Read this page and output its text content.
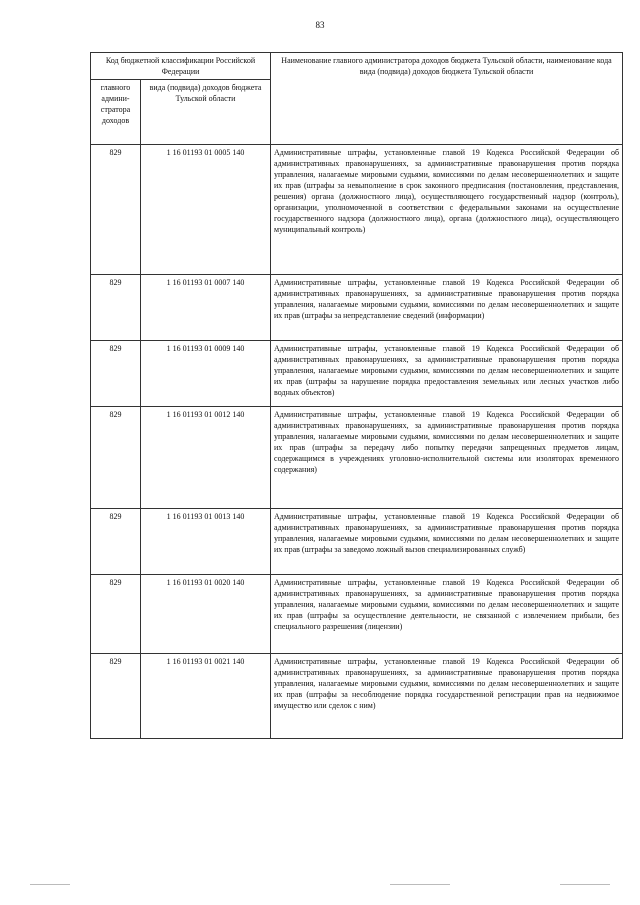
83
Код бюджетной классификации Российской Федерации		Наименование главного администратора доходов бюджета Тульской области, наименование кода вида (подвида) доходов бюджета Тульской области
главного админи-стратора доходов	вида (подвида) доходов бюджета Тульской области	
829	1 16 01193 01 0005 140	Административные штрафы, установленные главой 19 Кодекса Российской Федерации об административных правонарушениях, за административные правонарушения против порядка управления, налагаемые мировыми судьями, комиссиями по делам несовершеннолетних и защите их прав (штрафы за невыполнение в срок законного предписания (постановления, представления, решения) органа (должностного лица), осуществляющего государственный надзор (контроль), организации, уполномоченной в соответствии с федеральными законами на осуществление государственного надзора (должностного лица), органа (должностного лица), осуществляющего муниципальный контроль)
829	1 16 01193 01 0007 140	Административные штрафы, установленные главой 19 Кодекса Российской Федерации об административных правонарушениях, за административные правонарушения против порядка управления, налагаемые мировыми судьями, комиссиями по делам несовершеннолетних и защите их прав (штрафы за непредставление сведений (информации)
829	1 16 01193 01 0009 140	Административные штрафы, установленные главой 19 Кодекса Российской Федерации об административных правонарушениях, за административные правонарушения против порядка управления, налагаемые мировыми судьями, комиссиями по делам несовершеннолетних и защите их прав (штрафы за нарушение порядка предоставления земельных или лесных участков либо водных объектов)
829	1 16 01193 01 0012 140	Административные штрафы, установленные главой 19 Кодекса Российской Федерации об административных правонарушениях, за административные правонарушения против порядка управления, налагаемые мировыми судьями, комиссиями по делам несовершеннолетних и защите их прав (штрафы за передачу либо попытку передачи запрещенных предметов лицам, содержащимся в учреждениях уголовно-исполнительной системы или изоляторах временного содержания)
829	1 16 01193 01 0013 140	Административные штрафы, установленные главой 19 Кодекса Российской Федерации об административных правонарушениях, за административные правонарушения против порядка управления, налагаемые мировыми судьями, комиссиями по делам несовершеннолетних и защите их прав (штрафы за заведомо ложный вызов специализированных служб)
829	1 16 01193 01 0020 140	Административные штрафы, установленные главой 19 Кодекса Российской Федерации об административных правонарушениях, за административные правонарушения против порядка управления, налагаемые мировыми судьями, комиссиями по делам несовершеннолетних и защите их прав (штрафы за осуществление деятельности, не связанной с извлечением прибыли, без специального разрешения (лицензии)
829	1 16 01193 01 0021 140	Административные штрафы, установленные главой 19 Кодекса Российской Федерации об административных правонарушениях, за административные правонарушения против порядка управления, налагаемые мировыми судьями, комиссиями по делам несовершеннолетних и защите их прав (штрафы за несоблюдение порядка государственной регистрации прав на недвижимое имущество или сделок с ним)
